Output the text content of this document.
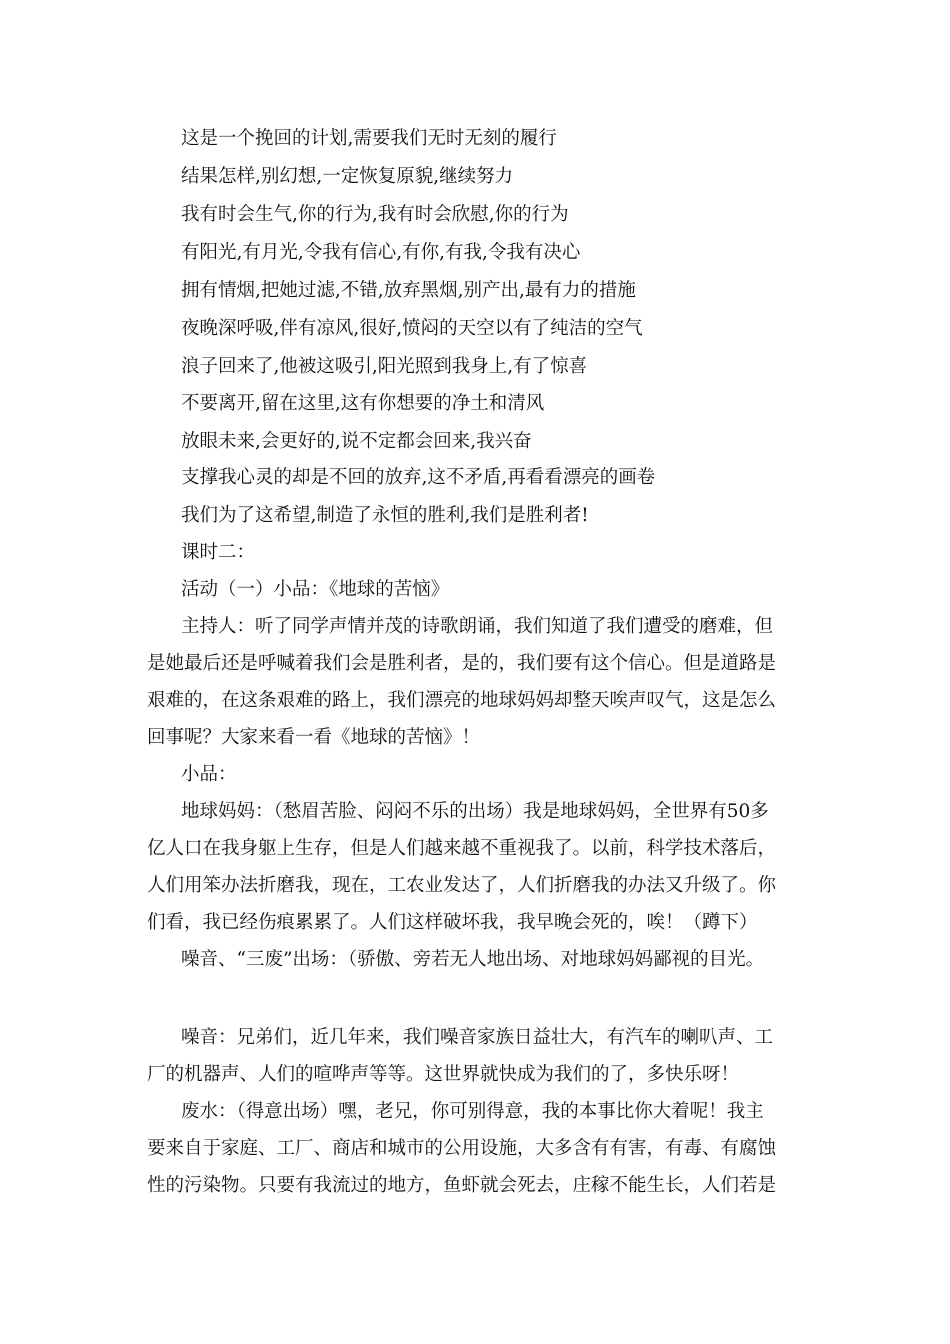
这是一个挽回的计划,需要我们无时无刻的履行
结果怎样,别幻想,一定恢复原貌,继续努力
我有时会生气,你的行为,我有时会欣慰,你的行为
有阳光,有月光,令我有信心,有你,有我,令我有决心
拥有情烟,把她过滤,不错,放弃黑烟,别产出,最有力的措施
夜晚深呼吸,伴有凉风,很好,愤闷的天空以有了纯洁的空气
浪子回来了,他被这吸引,阳光照到我身上,有了惊喜
不要离开,留在这里,这有你想要的净土和清风
放眼未来,会更好的,说不定都会回来,我兴奋
支撑我心灵的却是不回的放弃,这不矛盾,再看看漂亮的画卷
我们为了这希望,制造了永恒的胜利,我们是胜利者!
课时二：
活动（一）小品：《地球的苦恼》
主持人：听了同学声情并茂的诗歌朗诵，我们知道了我们遭受的磨难，但
是她最后还是呼喊着我们会是胜利者，是的，我们要有这个信心。但是道路是
艰难的，在这条艰难的路上，我们漂亮的地球妈妈却整天唉声叹气，这是怎么
回事呢？大家来看一看《地球的苦恼》！
小品：
地球妈妈：（愁眉苦脸、闷闷不乐的出场）我是地球妈妈，全世界有50多
亿人口在我身躯上生存，但是人们越来越不重视我了。以前，科学技术落后，
人们用笨办法折磨我，现在，工农业发达了，人们折磨我的办法又升级了。你
们看，我已经伤痕累累了。人们这样破坏我，我早晚会死的，唉！（蹲下）
噪音、“三废”出场：（骄傲、旁若无人地出场、对地球妈妈鄙视的目光。
噪音：兄弟们，近几年来，我们噪音家族日益壮大，有汽车的喇叭声、工
厂的机器声、人们的喧哗声等等。这世界就快成为我们的了，多快乐呀！
废水：（得意出场）嘿，老兄，你可别得意，我的本事比你大着呢！我主
要来自于家庭、工厂、商店和城市的公用设施，大多含有有害，有毒、有腐蚀
性的污染物。只要有我流过的地方，鱼虾就会死去，庄稼不能生长，人们若是
